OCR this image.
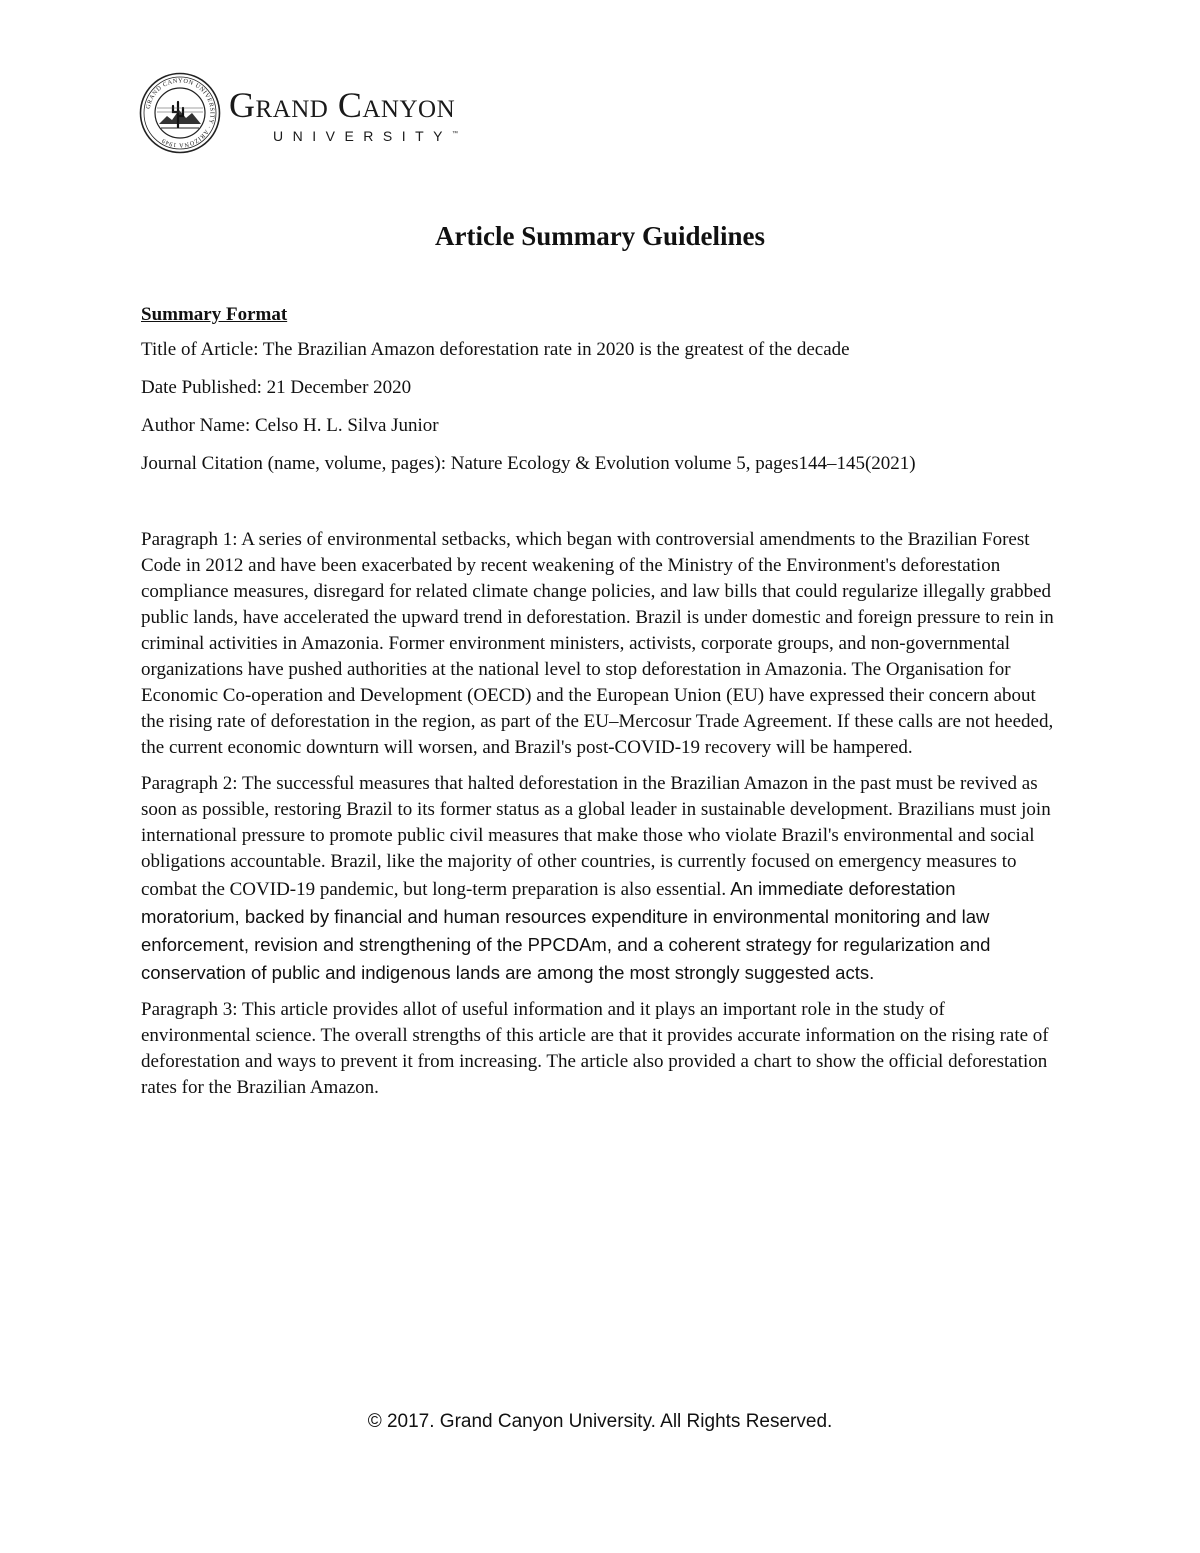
GRAND CANYON UNIVERSITY · ARIZONA 1949
Grand Canyon
UNIVERSITY™
Article Summary Guidelines

Summary Format

Title of Article: The Brazilian Amazon deforestation rate in 2020 is the greatest of the decade

Date Published: 21 December 2020

Author Name: Celso H. L. Silva Junior

Journal Citation (name, volume, pages): Nature Ecology & Evolution volume 5, pages144–145(2021)

Paragraph 1: A series of environmental setbacks, which began with controversial amendments to the Brazilian Forest Code in 2012 and have been exacerbated by recent weakening of the Ministry of the Environment's deforestation compliance measures, disregard for related climate change policies, and law bills that could regularize illegally grabbed public lands, have accelerated the upward trend in deforestation. Brazil is under domestic and foreign pressure to rein in criminal activities in Amazonia. Former environment ministers, activists, corporate groups, and non-governmental organizations have pushed authorities at the national level to stop deforestation in Amazonia. The Organisation for Economic Co-operation and Development (OECD) and the European Union (EU) have expressed their concern about the rising rate of deforestation in the region, as part of the EU–Mercosur Trade Agreement. If these calls are not heeded, the current economic downturn will worsen, and Brazil's post-COVID-19 recovery will be hampered.

Paragraph 2: The successful measures that halted deforestation in the Brazilian Amazon in the past must be revived as soon as possible, restoring Brazil to its former status as a global leader in sustainable development. Brazilians must join international pressure to promote public civil measures that make those who violate Brazil's environmental and social obligations accountable. Brazil, like the majority of other countries, is currently focused on emergency measures to combat the COVID-19 pandemic, but long-term preparation is also essential. An immediate deforestation moratorium, backed by financial and human resources expenditure in environmental monitoring and law enforcement, revision and strengthening of the PPCDAm, and a coherent strategy for regularization and conservation of public and indigenous lands are among the most strongly suggested acts.

Paragraph 3: This article provides allot of useful information and it plays an important role in the study of environmental science. The overall strengths of this article are that it provides accurate information on the rising rate of deforestation and ways to prevent it from increasing. The article also provided a chart to show the official deforestation rates for the Brazilian Amazon.

© 2017. Grand Canyon University. All Rights Reserved.
